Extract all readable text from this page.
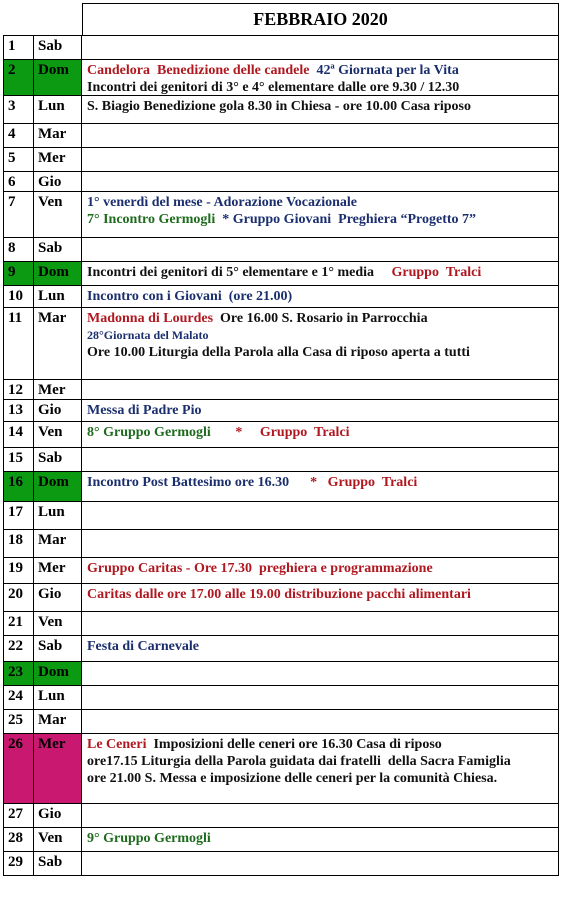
FEBBRAIO 2020
1	Sab
2	Dom	Candelora  Benedizione delle candele  42ª Giornata per la Vita
Incontri dei genitori di 3° e 4° elementare dalle ore 9.30 / 12.30
3	Lun	S. Biagio Benedizione gola 8.30 in Chiesa - ore 10.00 Casa riposo
4	Mar
5	Mer
6	Gio
7	Ven	1° venerdì del mese - Adorazione Vocazionale
7° Incontro Germogli  * Gruppo Giovani  Preghiera “Progetto 7”
8	Sab
9	Dom	Incontri dei genitori di 5° elementare e 1° media     Gruppo  Tralci
10	Lun	Incontro con i Giovani  (ore 21.00)
11	Mar	Madonna di Lourdes  Ore 16.00 S. Rosario in Parrocchia
28°Giornata del Malato
Ore 10.00 Liturgia della Parola alla Casa di riposo aperta a tutti
12	Mer
13	Gio	Messa di Padre Pio
14	Ven	8° Gruppo Germogli       *     Gruppo  Tralci
15	Sab
16	Dom	Incontro Post Battesimo ore 16.30      *   Gruppo  Tralci
17	Lun
18	Mar
19	Mer	Gruppo Caritas - Ore 17.30  preghiera e programmazione
20	Gio	Caritas dalle ore 17.00 alle 19.00 distribuzione pacchi alimentari
21	Ven
22	Sab	Festa di Carnevale
23	Dom
24	Lun
25	Mar
26	Mer	Le Ceneri  Imposizioni delle ceneri ore 16.30 Casa di riposo
ore17.15 Liturgia della Parola guidata dai fratelli  della Sacra Famiglia
ore 21.00 S. Messa e imposizione delle ceneri per la comunità Chiesa.
27	Gio
28	Ven	9° Gruppo Germogli
29	Sab
